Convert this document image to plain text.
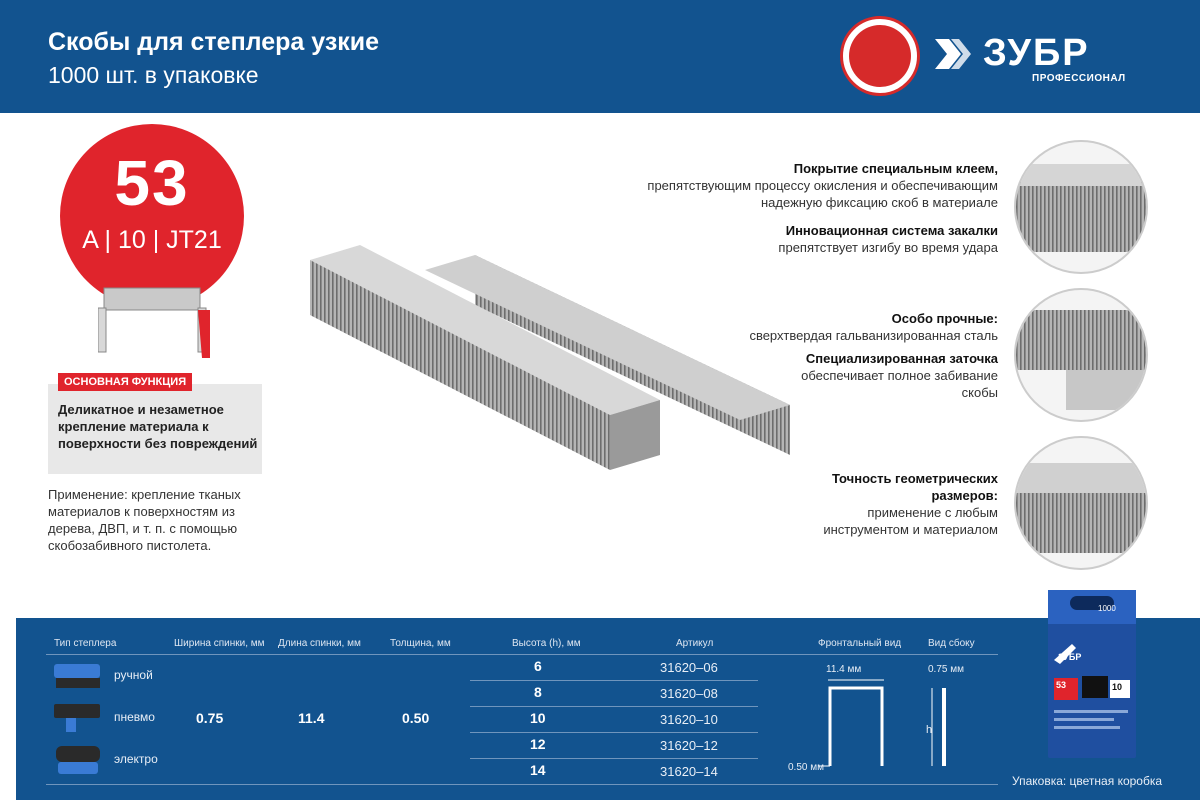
Скобы для степлера узкие
1000 шт. в упаковке
ЗУБР
ПРОФЕССИОНАЛ
53
A | 10 | JT21
ОСНОВНАЯ ФУНКЦИЯ
Деликатное и незаметное крепление материала к поверхности без повреждений
Применение: крепление тканых материалов к поверхностям из дерева, ДВП, и т. п. с помощью скобозабивного пистолета.
Покрытие специальным клеем,
препятствующим процессу окисления и обеспечивающим надежную фиксацию скоб в материале
Инновационная система закалки
препятствует изгибу во время удара
Особо прочные:
сверхтвердая гальванизированная сталь
Специализированная заточка
обеспечивает полное забивание скобы
Точность геометрических размеров:
применение с любым инструментом и материалом
Тип степлера	Ширина спинки, мм Длина спинки, мм	Толщина, мм	Высота (h), мм	Артикул	Фронтальный вид	Вид сбоку
ручной
пневмо
электро
0.75	11.4	0.50
6	31620–06
8	31620–08
10	31620–10
12	31620–12
14	31620–14
11.4 мм
0.50 мм
0.75 мм
h
Упаковка: цветная коробка
1000
ЗУБР
53	10
